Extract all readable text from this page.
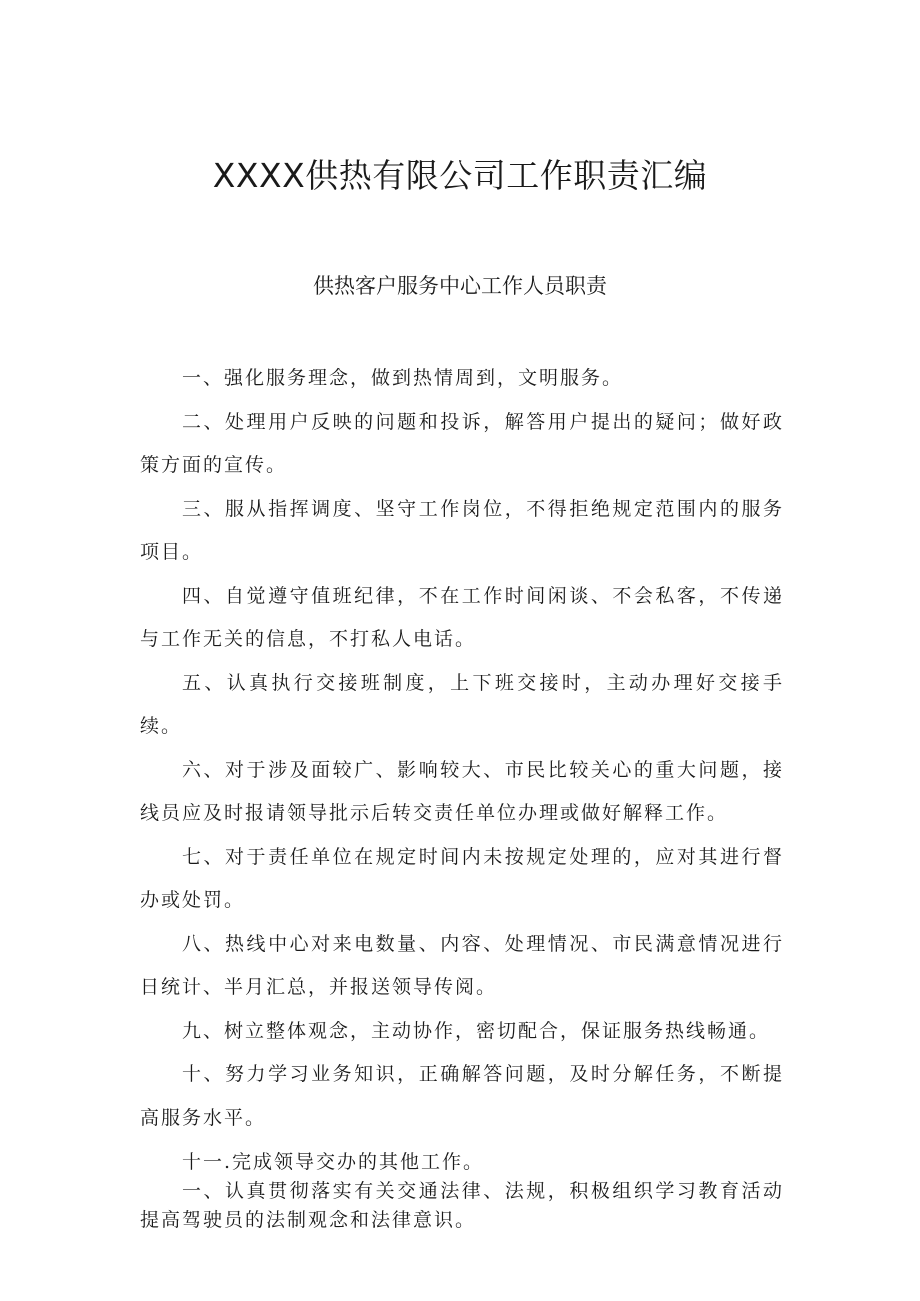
XXXX供热有限公司工作职责汇编
供热客户服务中心工作人员职责

一、强化服务理念，做到热情周到，文明服务。

二、处理用户反映的问题和投诉，解答用户提出的疑问；做好政策方面的宣传。

三、服从指挥调度、坚守工作岗位，不得拒绝规定范围内的服务项目。

四、自觉遵守值班纪律，不在工作时间闲谈、不会私客，不传递与工作无关的信息，不打私人电话。

五、认真执行交接班制度，上下班交接时，主动办理好交接手续。

六、对于涉及面较广、影响较大、市民比较关心的重大问题，接线员应及时报请领导批示后转交责任单位办理或做好解释工作。

七、对于责任单位在规定时间内未按规定处理的，应对其进行督办或处罚。

八、热线中心对来电数量、内容、处理情况、市民满意情况进行日统计、半月汇总，并报送领导传阅。

九、树立整体观念，主动协作，密切配合，保证服务热线畅通。

十、努力学习业务知识，正确解答问题，及时分解任务，不断提高服务水平。

十一.完成领导交办的其他工作。

一、认真贯彻落实有关交通法律、法规，积极组织学习教育活动提高驾驶员的法制观念和法律意识。
